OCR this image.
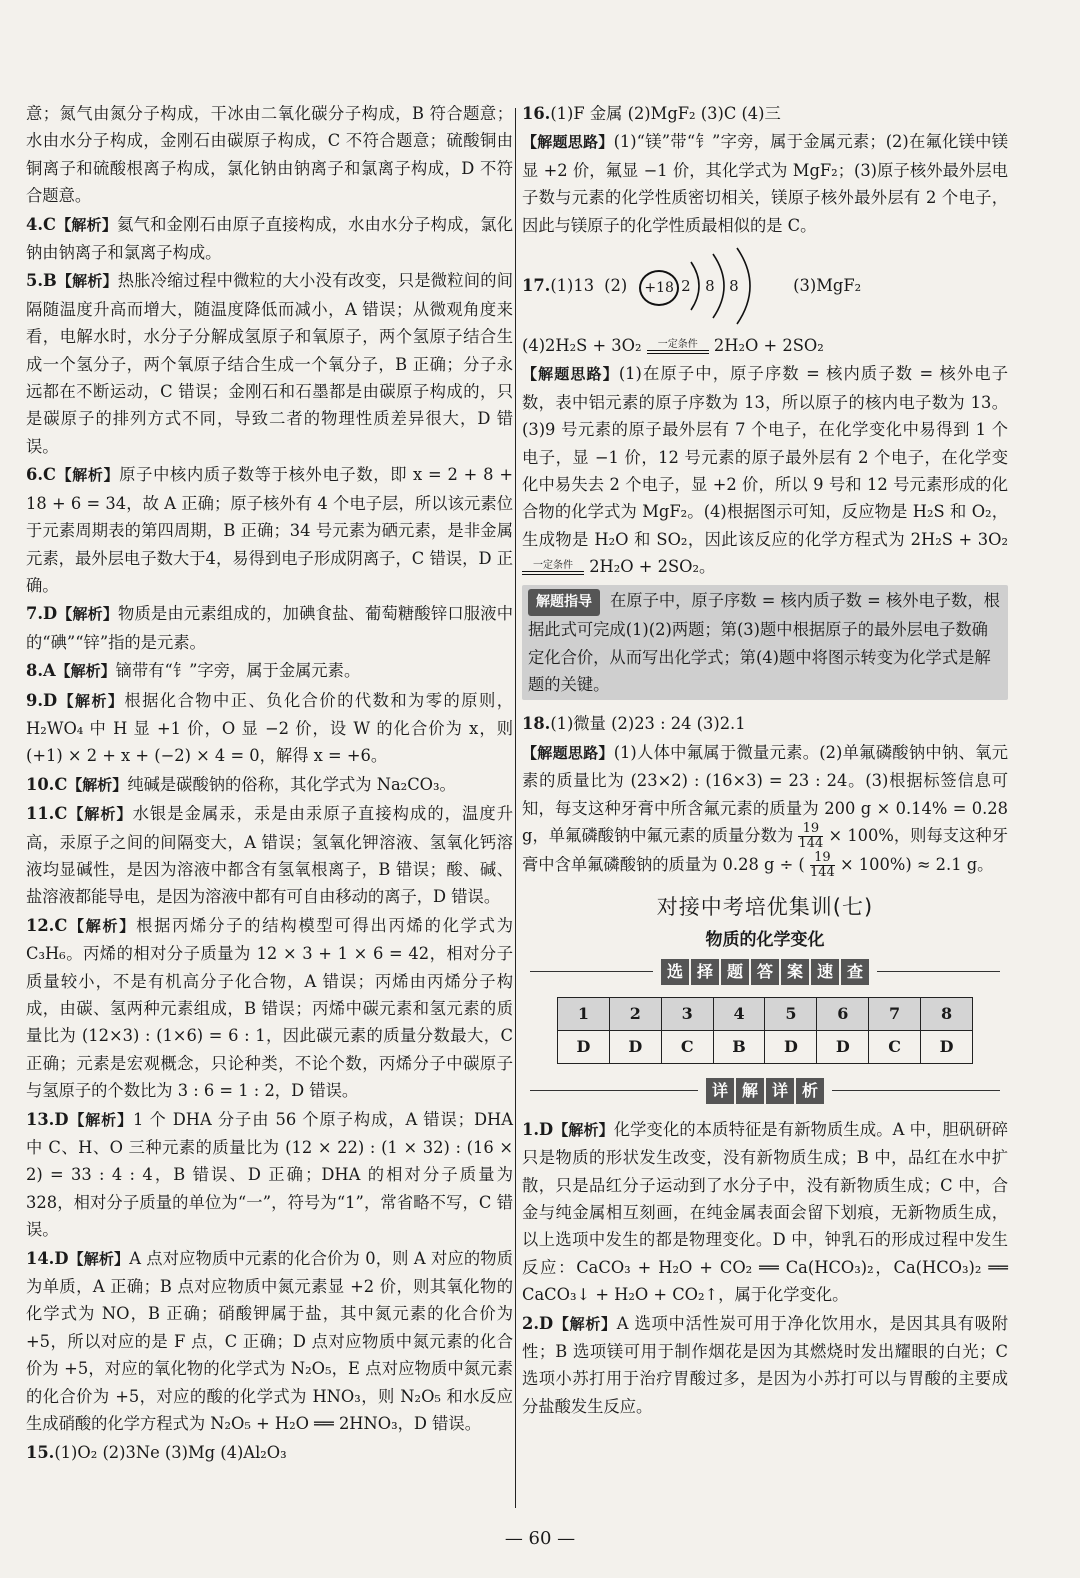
意；氮气由氮分子构成，干冰由二氧化碳分子构成，B 符合题意；水由水分子构成，金刚石由碳原子构成，C 不符合题意；硫酸铜由铜离子和硫酸根离子构成，氯化钠由钠离子和氯离子构成，D 不符合题意。
4.C【解析】氦气和金刚石由原子直接构成，水由水分子构成，氯化钠由钠离子和氯离子构成。
5.B【解析】热胀冷缩过程中微粒的大小没有改变，只是微粒间的间隔随温度升高而增大，随温度降低而减小，A 错误；从微观角度来看，电解水时，水分子分解成氢原子和氧原子，两个氢原子结合生成一个氢分子，两个氧原子结合生成一个氧分子，B 正确；分子永远都在不断运动，C 错误；金刚石和石墨都是由碳原子构成的，只是碳原子的排列方式不同，导致二者的物理性质差异很大，D 错误。
6.C【解析】原子中核内质子数等于核外电子数，即 x = 2 + 8 + 18 + 6 = 34，故 A 正确；原子核外有 4 个电子层，所以该元素位于元素周期表的第四周期，B 正确；34 号元素为硒元素，是非金属元素，最外层电子数大于4，易得到电子形成阴离子，C 错误，D 正确。
7.D【解析】物质是由元素组成的，加碘食盐、葡萄糖酸锌口服液中的“碘”“锌”指的是元素。
8.A【解析】镝带有“钅”字旁，属于金属元素。
9.D【解析】根据化合物中正、负化合价的代数和为零的原则，H₂WO₄ 中 H 显 +1 价，O 显 −2 价，设 W 的化合价为 x，则 (+1) × 2 + x + (−2) × 4 = 0，解得 x = +6。
10.C【解析】纯碱是碳酸钠的俗称，其化学式为 Na₂CO₃。
11.C【解析】水银是金属汞，汞是由汞原子直接构成的，温度升高，汞原子之间的间隔变大，A 错误；氢氧化钾溶液、氢氧化钙溶液均显碱性，是因为溶液中都含有氢氧根离子，B 错误；酸、碱、盐溶液都能导电，是因为溶液中都有可自由移动的离子，D 错误。
12.C【解析】根据丙烯分子的结构模型可得出丙烯的化学式为 C₃H₆。丙烯的相对分子质量为 12 × 3 + 1 × 6 = 42，相对分子质量较小，不是有机高分子化合物，A 错误；丙烯由丙烯分子构成，由碳、氢两种元素组成，B 错误；丙烯中碳元素和氢元素的质量比为 (12×3) : (1×6) = 6 : 1，因此碳元素的质量分数最大，C 正确；元素是宏观概念，只论种类，不论个数，丙烯分子中碳原子与氢原子的个数比为 3 : 6 = 1 : 2，D 错误。
13.D【解析】1 个 DHA 分子由 56 个原子构成，A 错误；DHA 中 C、H、O 三种元素的质量比为 (12 × 22) : (1 × 32) : (16 × 2) = 33 : 4 : 4，B 错误、D 正确；DHA 的相对分子质量为 328，相对分子质量的单位为“一”，符号为“1”，常省略不写，C 错误。
14.D【解析】A 点对应物质中元素的化合价为 0，则 A 对应的物质为单质，A 正确；B 点对应物质中氮元素显 +2 价，则其氧化物的化学式为 NO，B 正确；硝酸钾属于盐，其中氮元素的化合价为 +5，所以对应的是 F 点，C 正确；D 点对应物质中氮元素的化合价为 +5，对应的氧化物的化学式为 N₂O₅，E 点对应物质中氮元素的化合价为 +5，对应的酸的化学式为 HNO₃，则 N₂O₅ 和水反应生成硝酸的化学方程式为 N₂O₅ + H₂O ══ 2HNO₃，D 错误。
15.(1)O₂ (2)3Ne (3)Mg (4)Al₂O₃
16.(1)F 金属 (2)MgF₂ (3)C (4)三
【解题思路】(1)“镁”带“钅”字旁，属于金属元素；(2)在氟化镁中镁显 +2 价，氟显 −1 价，其化学式为 MgF₂；(3)原子核外最外层电子数与元素的化学性质密切相关，镁原子核外最外层有 2 个电子，因此与镁原子的化学性质最相似的是 C。
17. (1)13 (2)	+18 2 8 8	(3)MgF₂
(4)2H₂S + 3O₂	一定条件 2H₂O + 2SO₂
【解题思路】(1)在原子中，原子序数 = 核内质子数 = 核外电子数，表中铝元素的原子序数为 13，所以原子的核内电子数为 13。(3)9 号元素的原子最外层有 7 个电子，在化学变化中易得到 1 个电子，显 −1 价，12 号元素的原子最外层有 2 个电子，在化学变化中易失去 2 个电子，显 +2 价，所以 9 号和 12 号元素形成的化合物的化学式为 MgF₂。(4)根据图示可知，反应物是 H₂S 和 O₂，生成物是 H₂O 和 SO₂，因此该反应的化学方程式为 2H₂S + 3O₂
一定条件 2H₂O + 2SO₂。
解题指导 在原子中，原子序数 = 核内质子数 = 核外电子数，根据此式可完成(1)(2)两题；第(3)题中根据原子的最外层电子数确定化合价，从而写出化学式；第(4)题中将图示转变为化学式是解题的关键。
18.(1)微量 (2)23 : 24 (3)2.1
【解题思路】(1)人体中氟属于微量元素。(2)单氟磷酸钠中钠、氧元素的质量比为 (23×2) : (16×3) = 23 : 24。(3)根据标签信息可知，每支这种牙膏中所含氟元素的质量为 200 g × 0.14% = 0.28 g，单氟磷酸钠中氟元素的质量分数为 $\frac{19}{144} \times 100\%$，则每支这种牙膏中含单氟磷酸钠的质量为 0.28 g ÷ ( $\frac{19}{144} \times 100\%) \approx 2.1$ g。
对接中考培优集训(七)
物质的化学变化
选 择 题 答 案 速 查
1	2	3	4	5	6	7	8
D	D	C	B	D	D	C	D
详 解 详 析
1.D【解析】化学变化的本质特征是有新物质生成。A 中，胆矾研碎只是物质的形状发生改变，没有新物质生成；B 中，品红在水中扩散，只是品红分子运动到了水分子中，没有新物质生成；C 中，合金与纯金属相互刻画，在纯金属表面会留下划痕，无新物质生成，以上选项中发生的都是物理变化。D 中，钟乳石的形成过程中发生反应：CaCO₃ + H₂O + CO₂ ══ Ca(HCO₃)₂，Ca(HCO₃)₂ ══ CaCO₃↓ + H₂O + CO₂↑，属于化学变化。
2.D【解析】A 选项中活性炭可用于净化饮用水，是因其具有吸附性；B 选项镁可用于制作烟花是因为其燃烧时发出耀眼的白光；C 选项小苏打用于治疗胃酸过多，是因为小苏打可以与胃酸的主要成分盐酸发生反应。
— 60 —
